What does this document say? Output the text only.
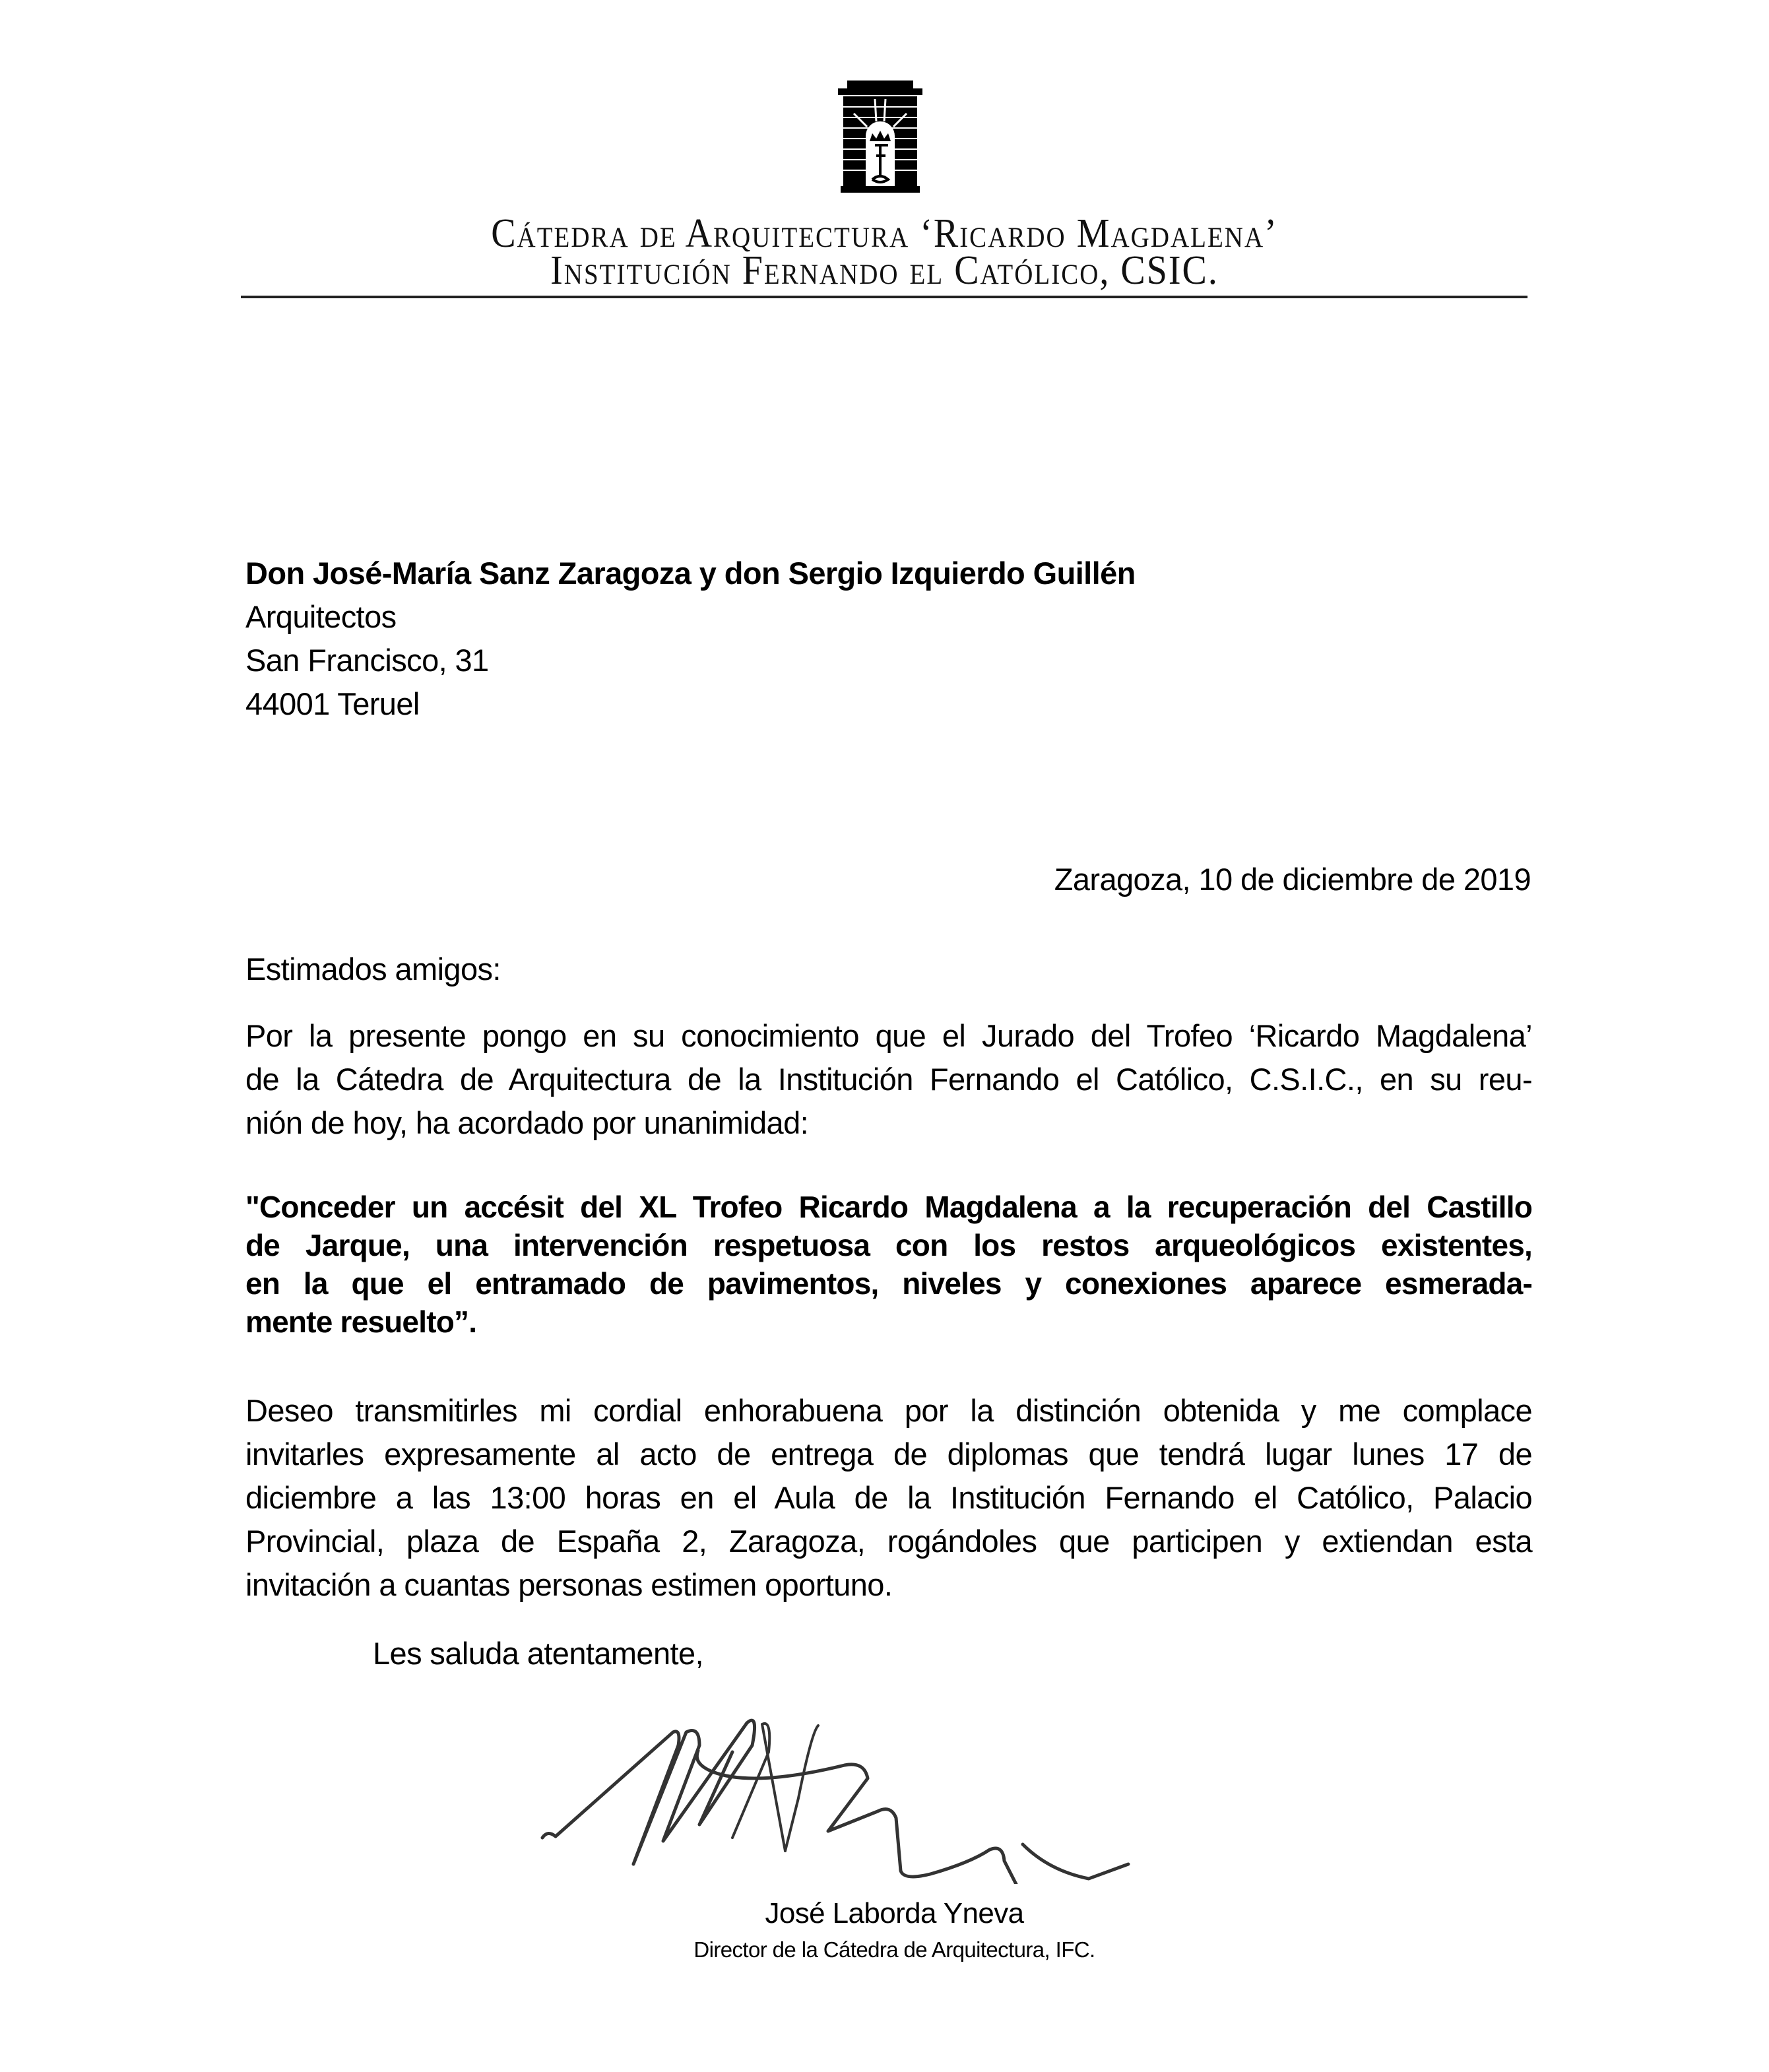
Cátedra de Arquitectura ‘Ricardo Magdalena’
Institución Fernando el Católico, CSIC.
Don José-María Sanz Zaragoza y don Sergio Izquierdo Guillén
Arquitectos
San Francisco, 31
44001 Teruel
Zaragoza, 10 de diciembre de 2019
Estimados amigos:
Por la presente pongo en su conocimiento que el Jurado del Trofeo ‘Ricardo Magdalena’
de la Cátedra de Arquitectura de la Institución Fernando el Católico, C.S.I.C., en su reu-
nión de hoy, ha acordado por unanimidad:
"Conceder un accésit del XL Trofeo Ricardo Magdalena a la recuperación del Castillo
de Jarque, una intervención respetuosa con los restos arqueológicos existentes,
en la que el entramado de pavimentos, niveles y conexiones aparece esmerada-
mente resuelto”.
Deseo transmitirles mi cordial enhorabuena por la distinción obtenida y me complace
invitarles expresamente al acto de entrega de diplomas que tendrá lugar lunes 17 de
diciembre a las 13:00 horas en el Aula de la Institución Fernando el Católico, Palacio
Provincial, plaza de España 2, Zaragoza, rogándoles que participen y extiendan esta
invitación a cuantas personas estimen oportuno.
Les saluda atentamente,
José Laborda Yneva
Director de la Cátedra de Arquitectura, IFC.
